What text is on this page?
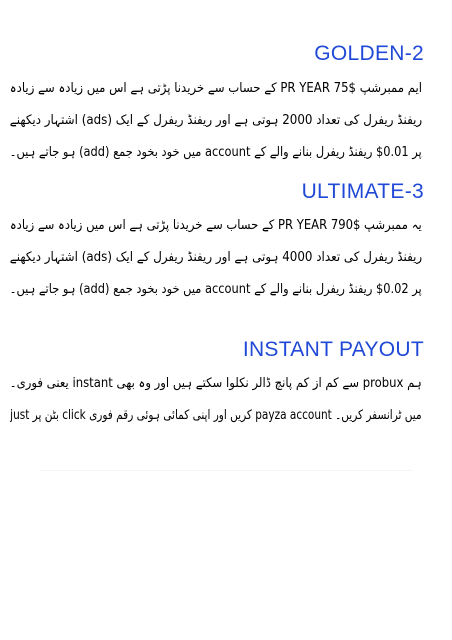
GOLDEN-2
ایم ممبرشپ PR YEAR 75$ کے حساب سے خریدنا پڑتی ہے اس میں زیادہ سے زیادہ
ریفنڈ ریفرل کی تعداد 2000 ہوتی ہے اور ریفنڈ ریفرل کے ایک (ads) اشتہار دیکھنے
پر 0.01$ ریفنڈ ریفرل بنانے والے کے account میں خود بخود جمع (add) ہو جاتے ہیں۔
ULTIMATE-3
یہ ممبرشپ PR YEAR 790$ کے حساب سے خریدنا پڑتی ہے اس میں زیادہ سے زیادہ
ریفنڈ ریفرل کی تعداد 4000 ہوتی ہے اور ریفنڈ ریفرل کے ایک (ads) اشتہار دیکھنے
پر 0.02$ ریفنڈ ریفرل بنانے والے کے account میں خود بخود جمع (add) ہو جاتے ہیں۔
INSTANT PAYOUT
ہم probux سے کم از کم پانچ ڈالر نکلوا سکتے ہیں اور وہ بھی instant یعنی فوری۔
just بٹن پر click کریں اور اپنی کمائی ہوئی رقم فوری payza account میں ٹرانسفر کریں۔
